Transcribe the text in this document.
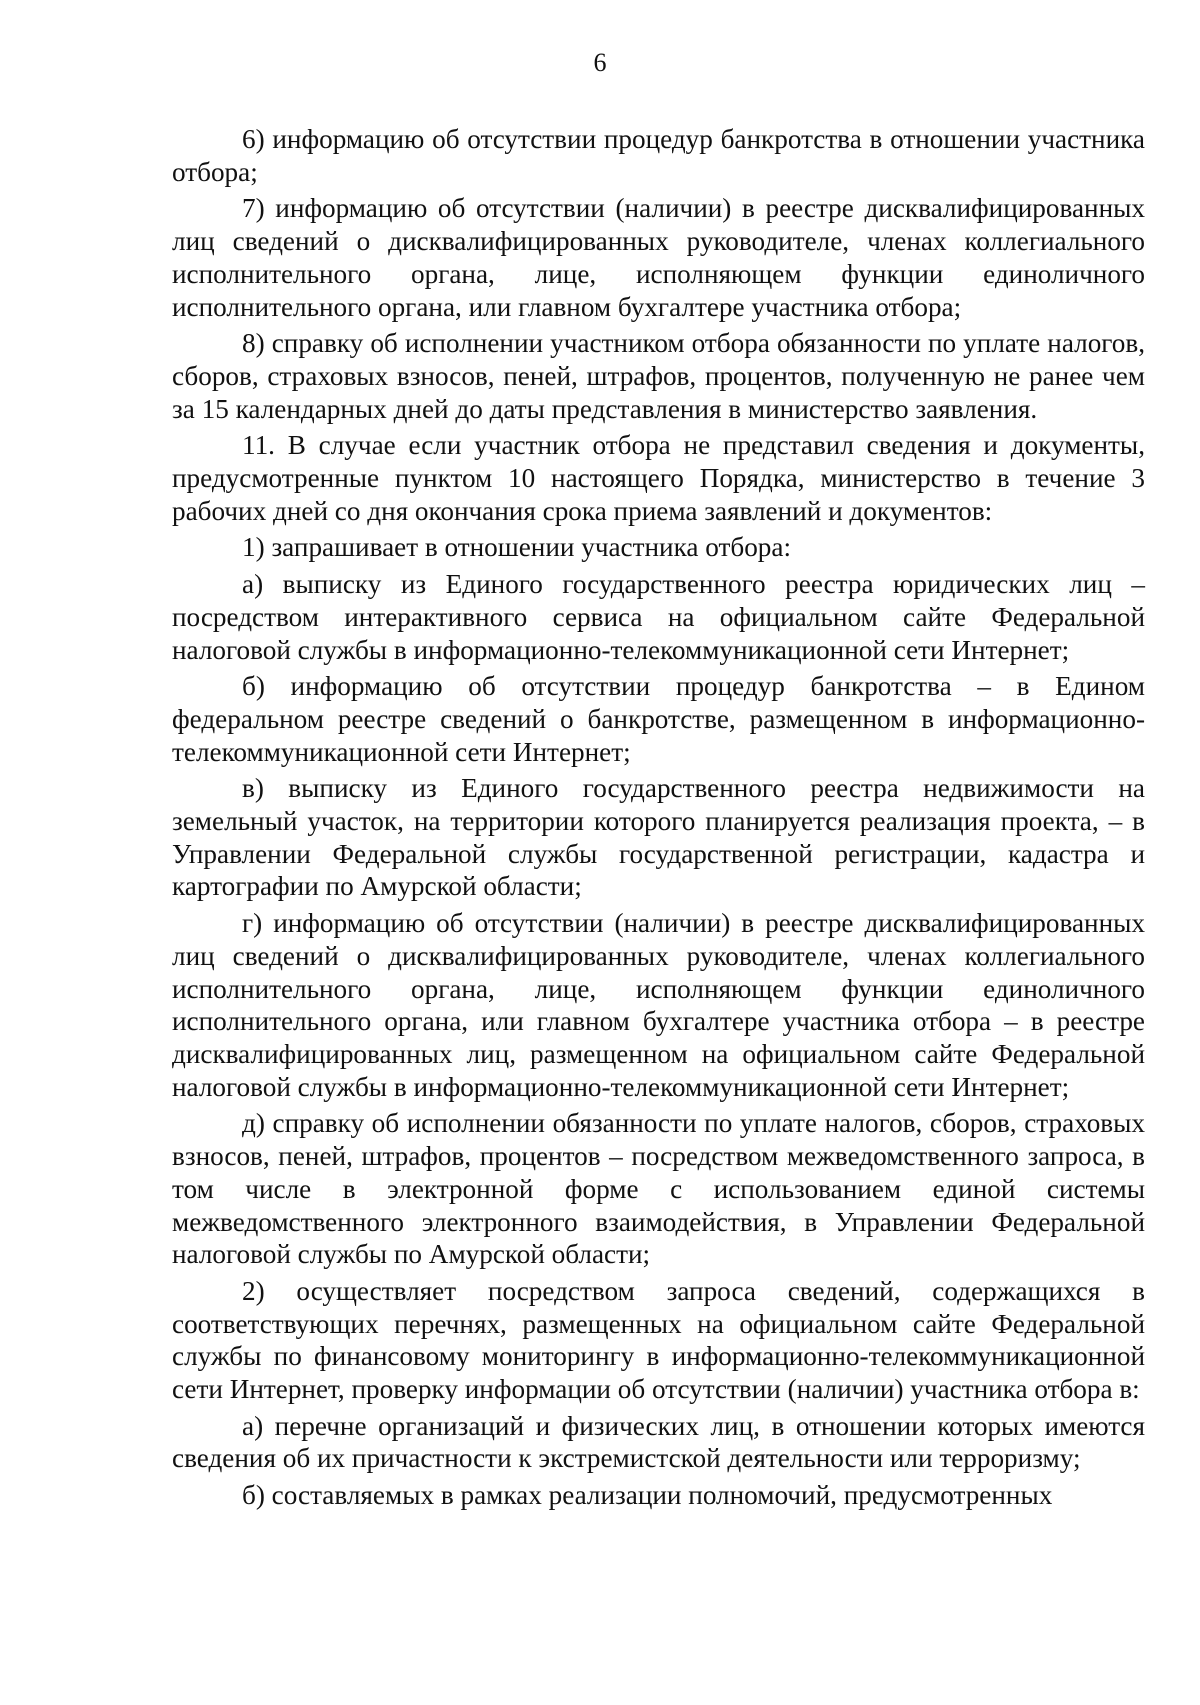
6

6) информацию об отсутствии процедур банкротства в отношении участника отбора;

7) информацию об отсутствии (наличии) в реестре дисквалифицированных лиц сведений о дисквалифицированных руководителе, членах коллегиального исполнительного органа, лице, исполняющем функции единоличного исполнительного органа, или главном бухгалтере участника отбора;

8) справку об исполнении участником отбора обязанности по уплате налогов, сборов, страховых взносов, пеней, штрафов, процентов, полученную не ранее чем за 15 календарных дней до даты представления в министерство заявления.

11. В случае если участник отбора не представил сведения и документы, предусмотренные пунктом 10 настоящего Порядка, министерство в течение 3 рабочих дней со дня окончания срока приема заявлений и документов:

1) запрашивает в отношении участника отбора:

а) выписку из Единого государственного реестра юридических лиц – посредством интерактивного сервиса на официальном сайте Федеральной налоговой службы в информационно-телекоммуникационной сети Интернет;

б) информацию об отсутствии процедур банкротства – в Едином федеральном реестре сведений о банкротстве, размещенном в информационно-телекоммуникационной сети Интернет;

в) выписку из Единого государственного реестра недвижимости на земельный участок, на территории которого планируется реализация проекта, – в Управлении Федеральной службы государственной регистрации, кадастра и картографии по Амурской области;

г) информацию об отсутствии (наличии) в реестре дисквалифицированных лиц сведений о дисквалифицированных руководителе, членах коллегиального исполнительного органа, лице, исполняющем функции единоличного исполнительного органа, или главном бухгалтере участника отбора – в реестре дисквалифицированных лиц, размещенном на официальном сайте Федеральной налоговой службы в информационно-телекоммуникационной сети Интернет;

д) справку об исполнении обязанности по уплате налогов, сборов, страховых взносов, пеней, штрафов, процентов – посредством межведомственного запроса, в том числе в электронной форме с использованием единой системы межведомственного электронного взаимодействия, в Управлении Федеральной налоговой службы по Амурской области;

2) осуществляет посредством запроса сведений, содержащихся в соответствующих перечнях, размещенных на официальном сайте Федеральной службы по финансовому мониторингу в информационно-телекоммуникационной сети Интернет, проверку информации об отсутствии (наличии) участника отбора в:

а) перечне организаций и физических лиц, в отношении которых имеются сведения об их причастности к экстремистской деятельности или терроризму;

б) составляемых в рамках реализации полномочий, предусмотренных
